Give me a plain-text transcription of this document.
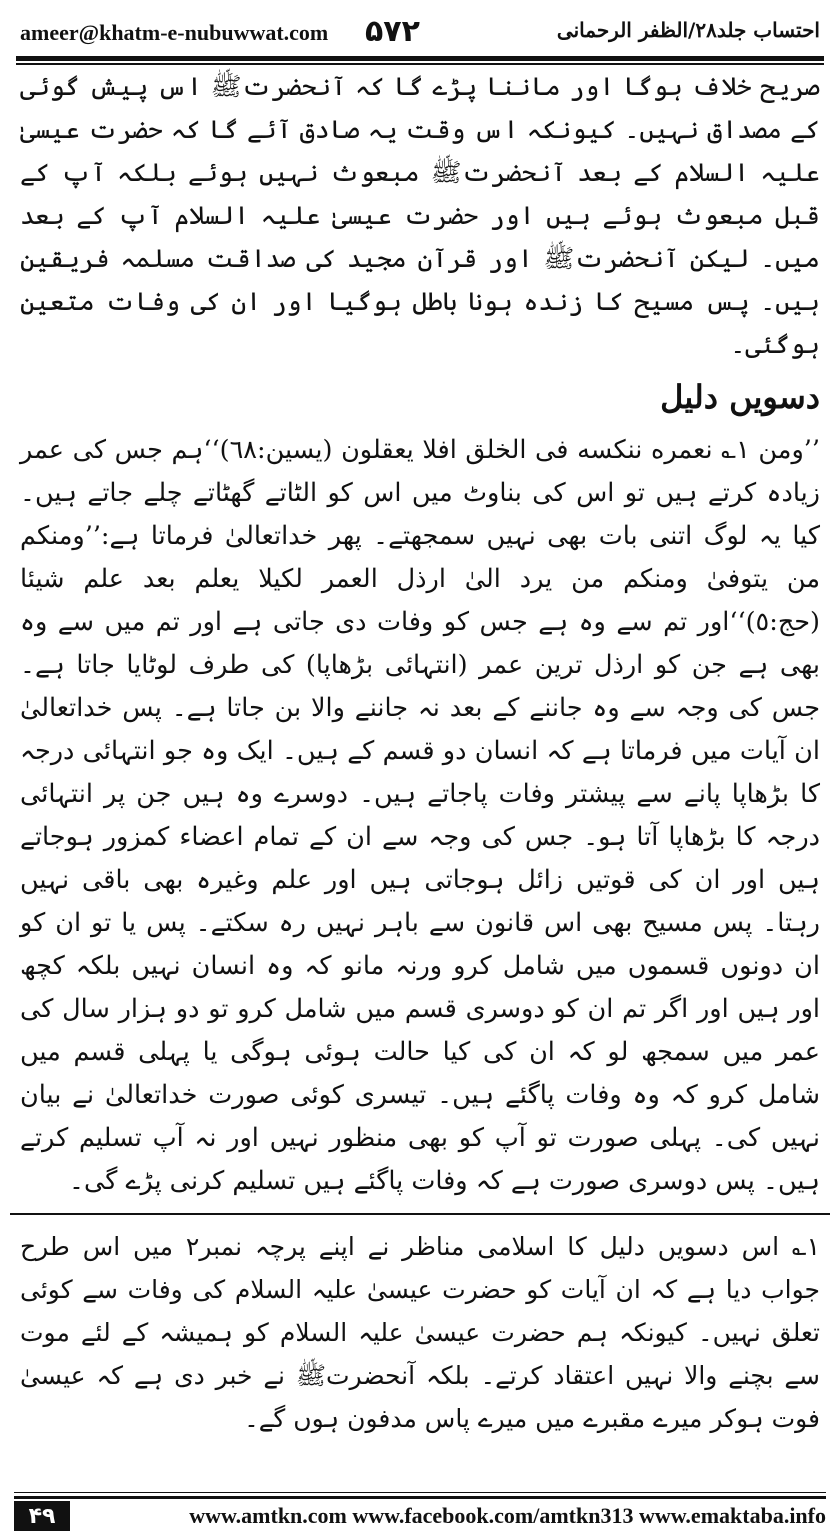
ameer@khatm-e-nubuwwat.com ۵۷۲	احتساب جلد۲۸/الظفر الرحمانی

صریح خلاف ہوگا اور ماننا پڑے گا کہ آنحضرتﷺ اس پیش گوئی کے مصداق نہیں۔ کیونکہ اس وقت یہ صادق آئے گا کہ حضرت عیسیٰ علیہ السلام کے بعد آنحضرتﷺ مبعوث نہیں ہوئے بلکہ آپ کے قبل مبعوث ہوئے ہیں اور حضرت عیسیٰ علیہ السلام آپ کے بعد میں۔ لیکن آنحضرتﷺ اور قرآن مجید کی صداقت مسلمہ فریقین ہیں۔ پس مسیح کا زندہ ہونا باطل ہوگیا اور ان کی وفات متعین ہوگئی۔

دسویں دلیل

’’ومن ۱؎ نعمره ننكسه فى الخلق افلا يعقلون (يسين:٦٨)‘‘ہم جس کی عمر زیادہ کرتے ہیں تو اس کی بناوٹ میں اس کو الٹاتے گھٹاتے چلے جاتے ہیں۔ کیا یہ لوگ اتنی بات بھی نہیں سمجھتے۔ پھر خداتعالیٰ فرماتا ہے:’’ومنكم من يتوفىٰ ومنكم من يرد الىٰ ارذل العمر لكيلا يعلم بعد علم شيئا (حج:٥)‘‘اور تم سے وہ ہے جس کو وفات دی جاتی ہے اور تم میں سے وہ بھی ہے جن کو ارذل ترین عمر (انتہائی بڑھاپا) کی طرف لوٹایا جاتا ہے۔ جس کی وجہ سے وہ جاننے کے بعد نہ جاننے والا بن جاتا ہے۔ پس خداتعالیٰ ان آیات میں فرماتا ہے کہ انسان دو قسم کے ہیں۔ ایک وہ جو انتہائی درجہ کا بڑھاپا پانے سے پیشتر وفات پاجاتے ہیں۔ دوسرے وہ ہیں جن پر انتہائی درجہ کا بڑھاپا آتا ہو۔ جس کی وجہ سے ان کے تمام اعضاء کمزور ہوجاتے ہیں اور ان کی قوتیں زائل ہوجاتی ہیں اور علم وغیرہ بھی باقی نہیں رہتا۔ پس مسیح بھی اس قانون سے باہر نہیں رہ سکتے۔ پس یا تو ان کو ان دونوں قسموں میں شامل کرو ورنہ مانو کہ وہ انسان نہیں بلکہ کچھ اور ہیں اور اگر تم ان کو دوسری قسم میں شامل کرو تو دو ہزار سال کی عمر میں سمجھ لو کہ ان کی کیا حالت ہوئی ہوگی یا پہلی قسم میں شامل کرو کہ وہ وفات پاگئے ہیں۔ تیسری کوئی صورت خداتعالیٰ نے بیان نہیں کی۔ پہلی صورت تو آپ کو بھی منظور نہیں اور نہ آپ تسلیم کرتے ہیں۔ پس دوسری صورت ہے کہ وفات پاگئے ہیں تسلیم کرنی پڑے گی۔

۱؎ اس دسویں دلیل کا اسلامی مناظر نے اپنے پرچہ نمبر۲ میں اس طرح جواب دیا ہے کہ ان آیات کو حضرت عیسیٰ علیہ السلام کی وفات سے کوئی تعلق نہیں۔ کیونکہ ہم حضرت عیسیٰ علیہ السلام کو ہمیشہ کے لئے موت سے بچنے والا نہیں اعتقاد کرتے۔ بلکہ آنحضرتﷺ نے خبر دی ہے کہ عیسیٰ فوت ہوکر میرے مقبرے میں میرے پاس مدفون ہوں گے۔

۴۹	www.amtkn.com www.facebook.com/amtkn313 www.emaktaba.info
